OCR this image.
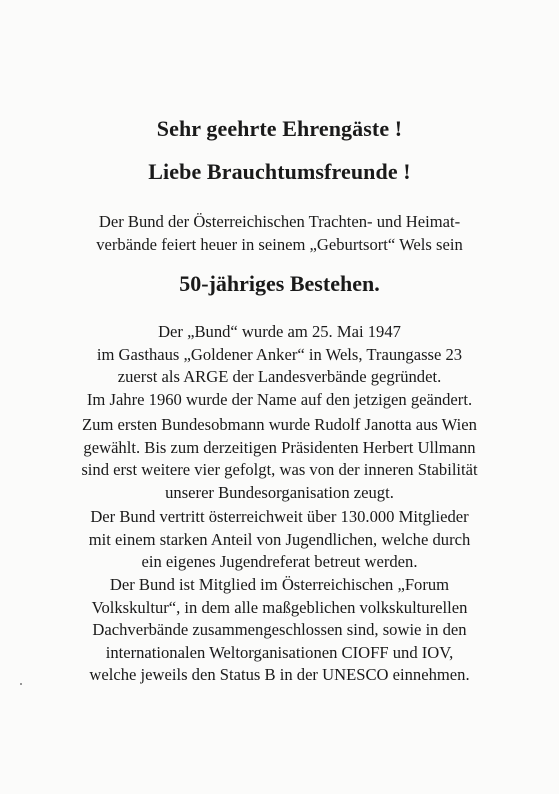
Sehr geehrte Ehrengäste !
Liebe Brauchtumsfreunde !

Der Bund der Österreichischen Trachten- und Heimat-
verbände feiert heuer in seinem „Geburtsort“ Wels sein

50-jähriges Bestehen.

Der „Bund“ wurde am 25. Mai 1947
im Gasthaus „Goldener Anker“ in Wels, Traungasse 23
zuerst als ARGE der Landesverbände gegründet.
Im Jahre 1960 wurde der Name auf den jetzigen geändert.

Zum ersten Bundesobmann wurde Rudolf Janotta aus Wien
gewählt. Bis zum derzeitigen Präsidenten Herbert Ullmann
sind erst weitere vier gefolgt, was von der inneren Stabilität
unserer Bundesorganisation zeugt.

Der Bund vertritt österreichweit über 130.000 Mitglieder
mit einem starken Anteil von Jugendlichen, welche durch
ein eigenes Jugendreferat betreut werden.

Der Bund ist Mitglied im Österreichischen „Forum
Volkskultur“, in dem alle maßgeblichen volkskulturellen
Dachverbände zusammengeschlossen sind, sowie in den
internationalen Weltorganisationen CIOFF und IOV,
welche jeweils den Status B in der UNESCO einnehmen.
